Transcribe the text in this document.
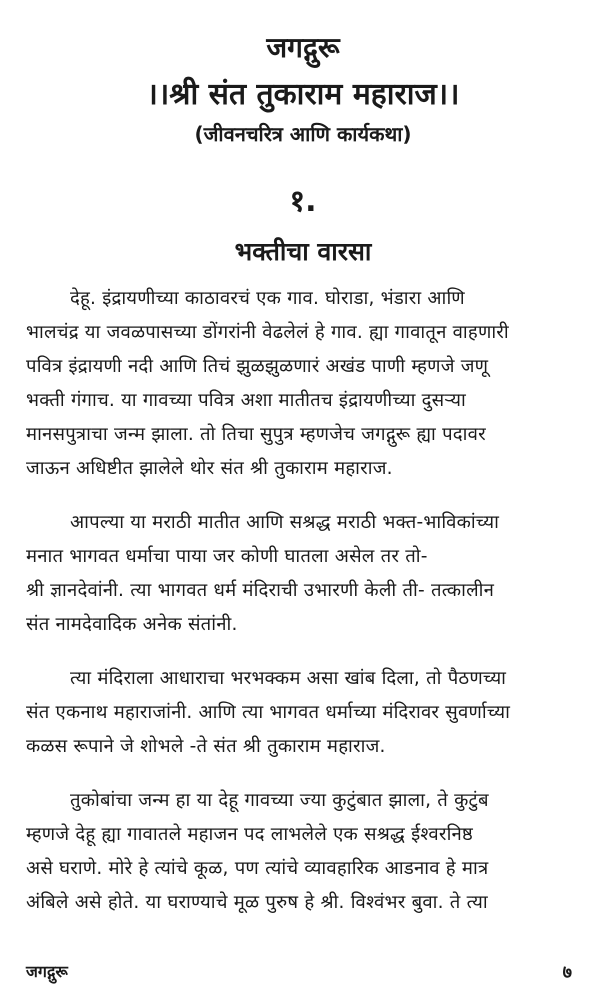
जगद्गुरू
।।श्री संत तुकाराम महाराज।।
(जीवनचरित्र आणि कार्यकथा)
१.
भक्तीचा वारसा

देहू. इंद्रायणीच्या काठावरचं एक गाव. घोराडा, भंडारा आणि
भालचंद्र या जवळपासच्या डोंगरांनी वेढलेलं हे गाव. ह्या गावातून वाहणारी
पवित्र इंद्रायणी नदी आणि तिचं झुळझुळणारं अखंड पाणी म्हणजे जणू
भक्ती गंगाच. या गावच्या पवित्र अशा मातीतच इंद्रायणीच्या दुसऱ्या
मानसपुत्राचा जन्म झाला. तो तिचा सुपुत्र म्हणजेच जगद्गुरू ह्या पदावर
जाऊन अधिष्टीत झालेले थोर संत श्री तुकाराम महाराज.

आपल्या या मराठी मातीत आणि सश्रद्ध मराठी भक्त-भाविकांच्या
मनात भागवत धर्माचा पाया जर कोणी घातला असेल तर तो-
श्री ज्ञानदेवांनी. त्या भागवत धर्म मंदिराची उभारणी केली ती- तत्कालीन
संत नामदेवादिक अनेक संतांनी.

त्या मंदिराला आधाराचा भरभक्कम असा खांब दिला, तो पैठणच्या
संत एकनाथ महाराजांनी. आणि त्या भागवत धर्माच्या मंदिरावर सुवर्णाच्या
कळस रूपाने जे शोभले -ते संत श्री तुकाराम महाराज.

तुकोबांचा जन्म हा या देहू गावच्या ज्या कुटुंबात झाला, ते कुटुंब
म्हणजे देहू ह्या गावातले महाजन पद लाभलेले एक सश्रद्ध ईश्वरनिष्ठ
असे घराणे. मोरे हे त्यांचे कूळ, पण त्यांचे व्यावहारिक आडनाव हे मात्र
अंबिले असे होते. या घराण्याचे मूळ पुरुष हे श्री. विश्वंभर बुवा. ते त्या

जगद्गुरू	७
